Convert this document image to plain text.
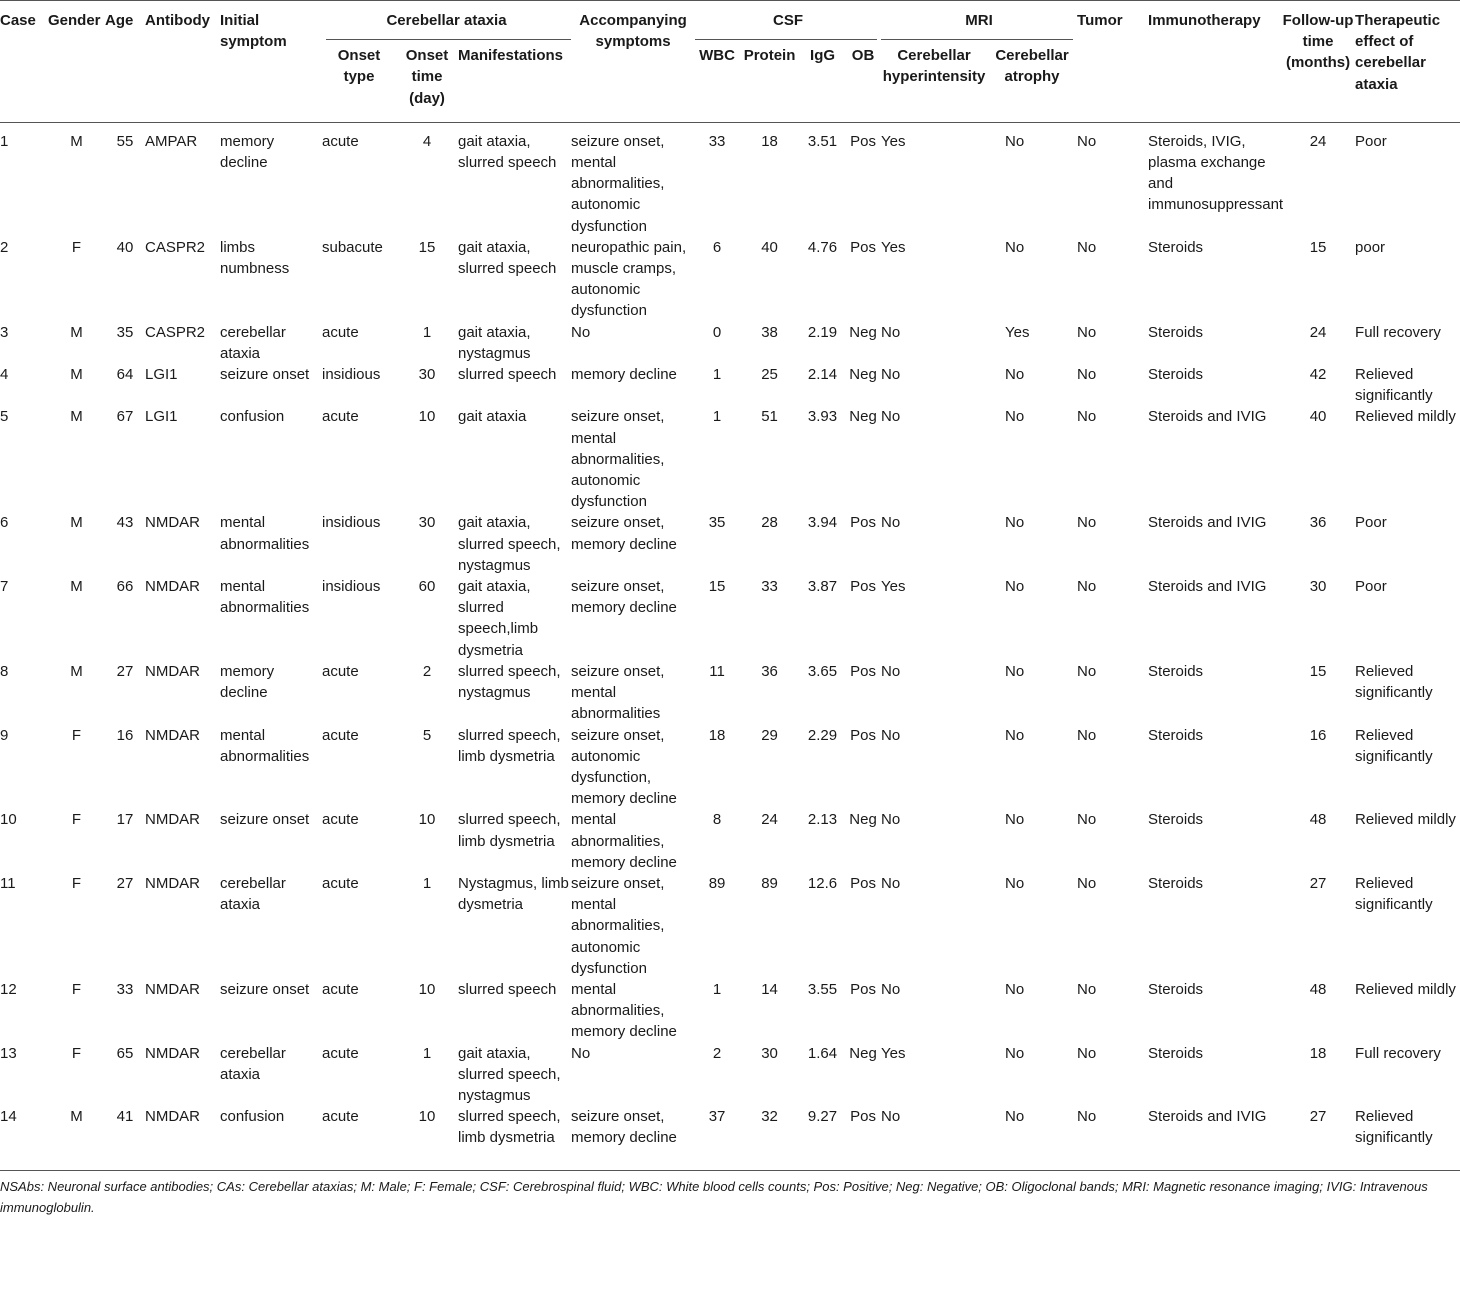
Case	Gender	Age	Antibody	Initial symptom	Cerebellar ataxia			Accompanying symptoms	CSF				MRI		Tumor	Immunotherapy	Follow-up time (months)	Therapeutic effect of cerebellar ataxia
					Onset type	Onset time (day)	Manifestations		WBC	Protein	IgG	OB	Cerebellar hyperintensity	Cerebellar atrophy				
1	M	55	AMPAR	memory decline	acute	4	gait ataxia, slurred speech	seizure onset, mental abnormalities, autonomic dysfunction	33	18	3.51	Pos	Yes	No	No	Steroids, IVIG, plasma exchange and immunosuppressant	24	Poor
2	F	40	CASPR2	limbs numbness	subacute	15	gait ataxia, slurred speech	neuropathic pain, muscle cramps, autonomic dysfunction	6	40	4.76	Pos	Yes	No	No	Steroids	15	poor
3	M	35	CASPR2	cerebellar ataxia	acute	1	gait ataxia, nystagmus	No	0	38	2.19	Neg	No	Yes	No	Steroids	24	Full recovery
4	M	64	LGI1	seizure onset	insidious	30	slurred speech	memory decline	1	25	2.14	Neg	No	No	No	Steroids	42	Relieved significantly
5	M	67	LGI1	confusion	acute	10	gait ataxia	seizure onset, mental abnormalities, autonomic dysfunction	1	51	3.93	Neg	No	No	No	Steroids and IVIG	40	Relieved mildly
6	M	43	NMDAR	mental abnormalities	insidious	30	gait ataxia, slurred speech, nystagmus	seizure onset, memory decline	35	28	3.94	Pos	No	No	No	Steroids and IVIG	36	Poor
7	M	66	NMDAR	mental abnormalities	insidious	60	gait ataxia, slurred speech,limb dysmetria	seizure onset, memory decline	15	33	3.87	Pos	Yes	No	No	Steroids and IVIG	30	Poor
8	M	27	NMDAR	memory decline	acute	2	slurred speech, nystagmus	seizure onset, mental abnormalities	11	36	3.65	Pos	No	No	No	Steroids	15	Relieved significantly
9	F	16	NMDAR	mental abnormalities	acute	5	slurred speech, limb dysmetria	seizure onset, autonomic dysfunction, memory decline	18	29	2.29	Pos	No	No	No	Steroids	16	Relieved significantly
10	F	17	NMDAR	seizure onset	acute	10	slurred speech, limb dysmetria	mental abnormalities, memory decline	8	24	2.13	Neg	No	No	No	Steroids	48	Relieved mildly
11	F	27	NMDAR	cerebellar ataxia	acute	1	Nystagmus, limb dysmetria	seizure onset, mental abnormalities, autonomic dysfunction	89	89	12.6	Pos	No	No	No	Steroids	27	Relieved significantly
12	F	33	NMDAR	seizure onset	acute	10	slurred speech	mental abnormalities, memory decline	1	14	3.55	Pos	No	No	No	Steroids	48	Relieved mildly
13	F	65	NMDAR	cerebellar ataxia	acute	1	gait ataxia, slurred speech, nystagmus	No	2	30	1.64	Neg	Yes	No	No	Steroids	18	Full recovery
14	M	41	NMDAR	confusion	acute	10	slurred speech, limb dysmetria	seizure onset, memory decline	37	32	9.27	Pos	No	No	No	Steroids and IVIG	27	Relieved significantly
NSAbs: Neuronal surface antibodies; CAs: Cerebellar ataxias; M: Male; F: Female; CSF: Cerebrospinal fluid; WBC: White blood cells counts; Pos: Positive; Neg: Negative; OB: Oligoclonal bands; MRI: Magnetic resonance imaging; IVIG: Intravenous immunoglobulin.																		
